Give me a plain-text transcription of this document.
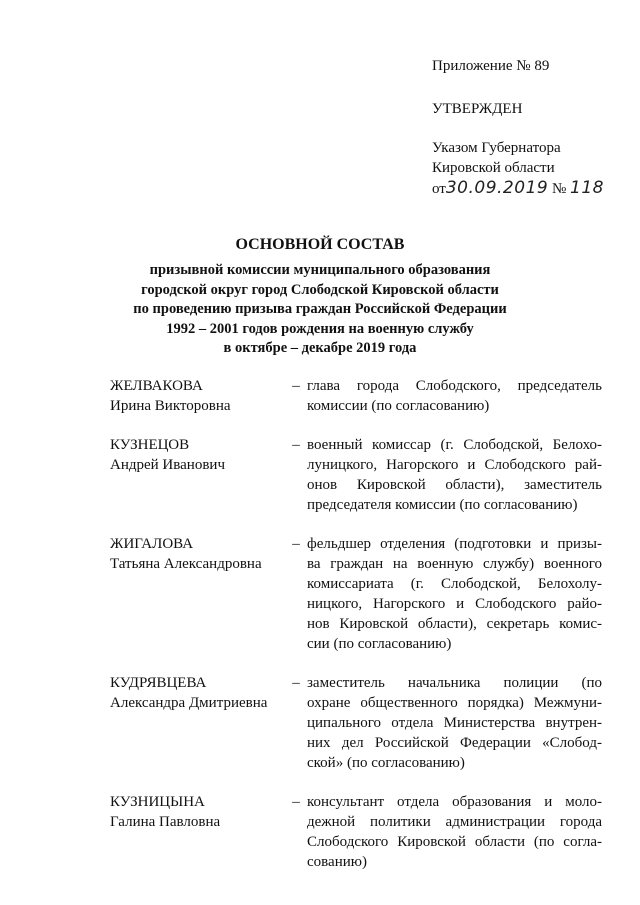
Приложение № 89
УТВЕРЖДЕН
Указом Губернатора
Кировской области
от30.09.2019 № 118
ОСНОВНОЙ СОСТАВ
призывной комиссии муниципального образования
городской округ город Слободской Кировской области
по проведению призыва граждан Российской Федерации
1992 – 2001 годов рождения на военную службу
в октябре – декабре 2019 года
ЖЕЛВАКОВА
Ирина Викторовна
– глава города Слободского, председатель
комиссии (по согласованию)
КУЗНЕЦОВ
Андрей Иванович
– военный комиссар (г. Слободской, Белохо-
луницкого, Нагорского и Слободского рай-
онов Кировской области), заместитель
председателя комиссии (по согласованию)
ЖИГАЛОВА
Татьяна Александровна
– фельдшер отделения (подготовки и призы-
ва граждан на военную службу) военного
комиссариата (г. Слободской, Белохолу-
ницкого, Нагорского и Слободского райо-
нов Кировской области), секретарь комис-
сии (по согласованию)
КУДРЯВЦЕВА
Александра Дмитриевна
– заместитель начальника полиции (по
охране общественного порядка) Межмуни-
ципального отдела Министерства внутрен-
них дел Российской Федерации «Слобод-
ской» (по согласованию)
КУЗНИЦЫНА
Галина Павловна
– консультант отдела образования и моло-
дежной политики администрации города
Слободского Кировской области (по согла-
сованию)
